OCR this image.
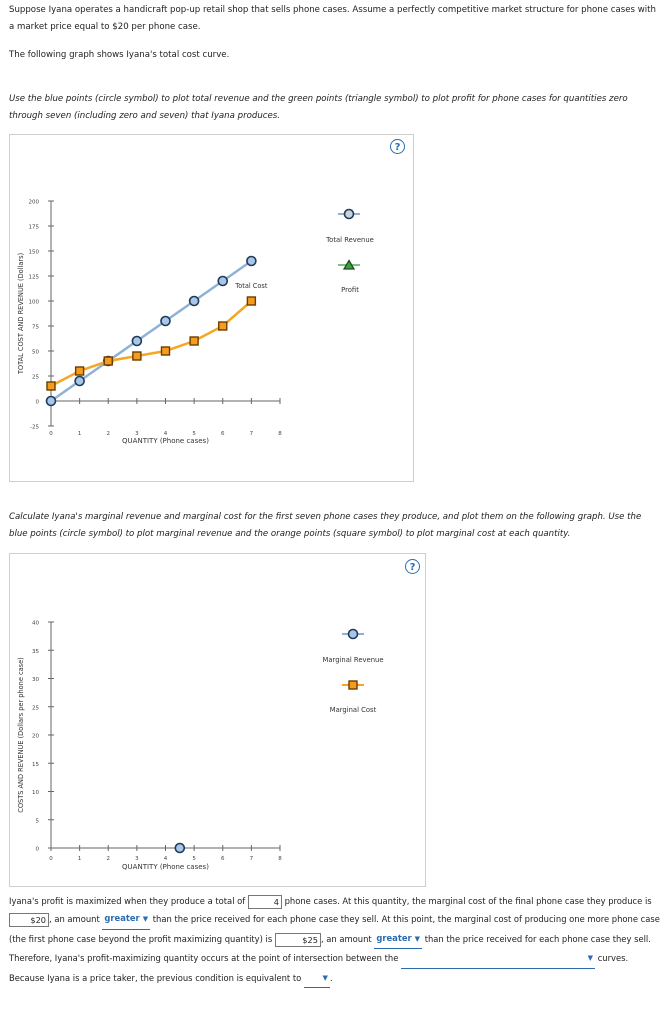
Suppose Iyana operates a handicraft pop-up retail shop that sells phone cases. Assume a perfectly competitive market structure for phone cases with a market price equal to $20 per phone case.
The following graph shows Iyana's total cost curve.
Use the blue points (circle symbol) to plot total revenue and the green points (triangle symbol) to plot profit for phone cases for quantities zero through seven (including zero and seven) that Iyana produces.
?
-25
0
25
50
75
100
125
150
175
200
0	1	2	3	4	5	6	7	8
QUANTITY (Phone cases)
TOTAL COST AND REVENUE (Dollars)	Total Cost
Total Revenue
Profit
Calculate Iyana's marginal revenue and marginal cost for the first seven phone cases they produce, and plot them on the following graph. Use the blue points (circle symbol) to plot marginal revenue and the orange points (square symbol) to plot marginal cost at each quantity.
?
0
5
10
15
20
25
30
35
40
0	1	2	3	4	5	6	7	8
QUANTITY (Phone cases)
COSTS AND REVENUE (Dollars per phone case)	Marginal Revenue
Marginal Cost
Iyana's profit is maximized when they produce a total of	4 phone cases. At this quantity, the marginal cost of the final phone case they produce is $20 , an amount greater ▼ than the price received for each phone case they sell. At this point, the marginal cost of producing one more phone case (the first phone case beyond the profit maximizing quantity) is	$25 , an amount greater ▼ than the price received for each phone case they sell. Therefore, Iyana's profit-maximizing quantity occurs at the point of intersection between the	▼ curves. Because Iyana is a price taker, the previous condition is equivalent to	▼ .
